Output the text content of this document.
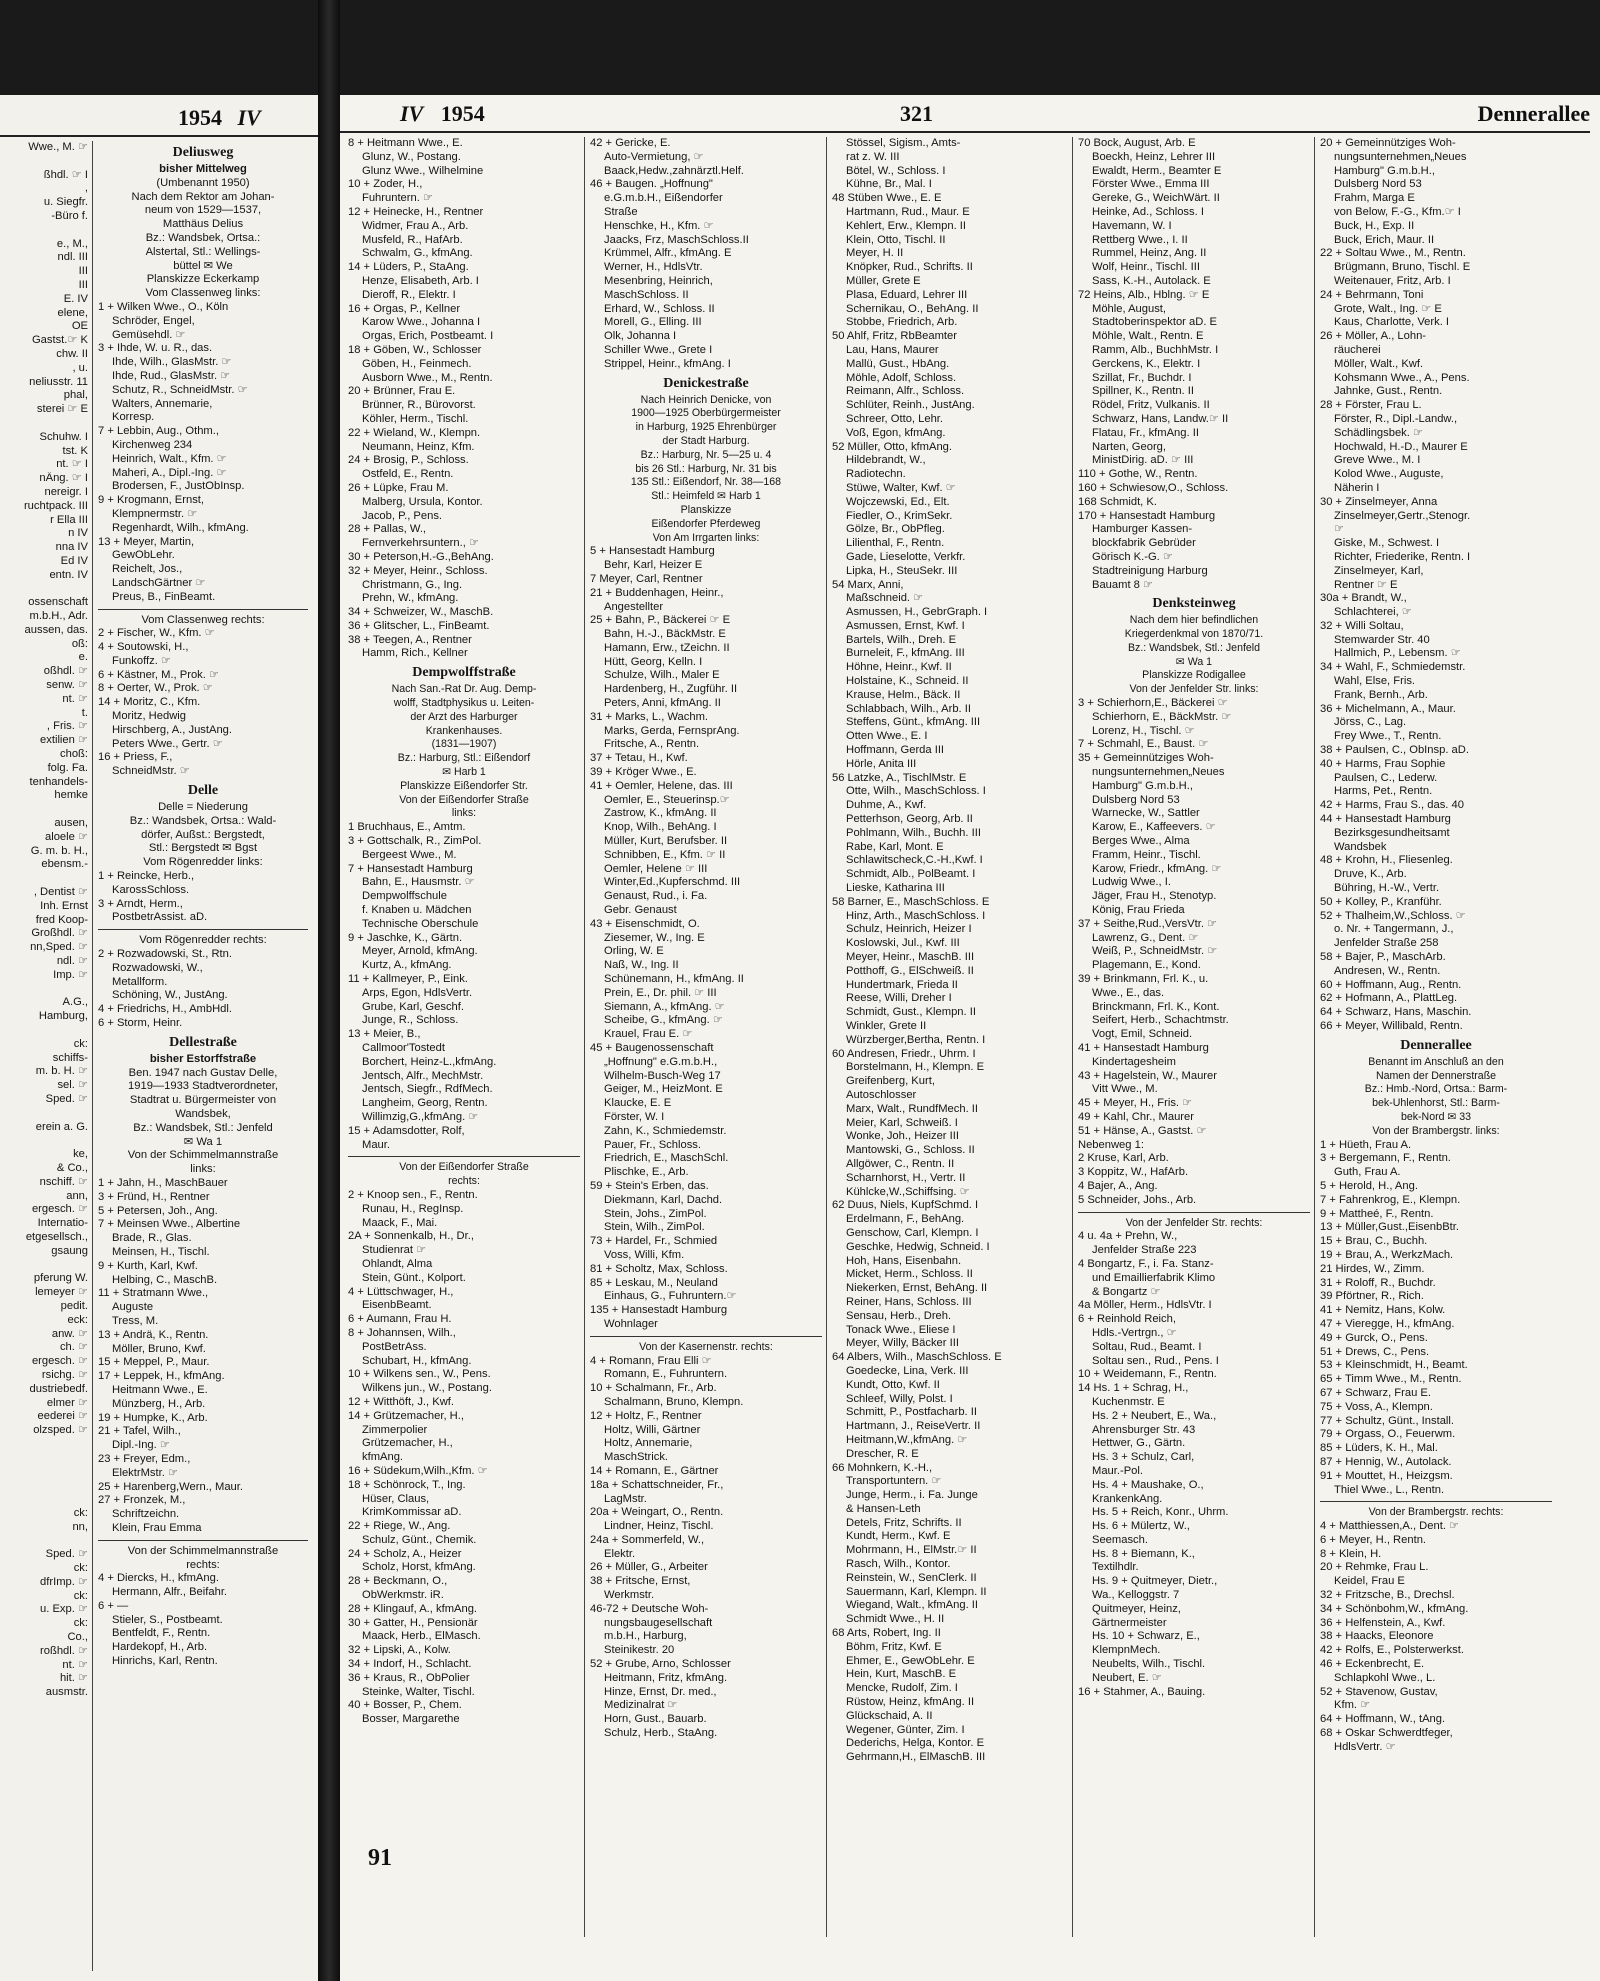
1954 IV
Wwe., M. ☞

ßhdl. ☞ I
,
u. Siegfr.
-Büro f.

e., M.,
ndl. III
III
III
E. IV
elene,
OE
Gastst.☞ K
chw. II
, u.
neliusstr. 11
phal,
sterei ☞ E

Schuhw. I
tst. K
nt. ☞ I
nÄng. ☞ I
nereigr. I
ruchtpack. III
r Ella III
n IV
nna IV
Ed IV
entn. IV

ossenschaft
m.b.H., Adr.
aussen, das.
oß:
e.
oßhdl. ☞
senw. ☞
nt. ☞
t.
, Fris. ☞
extilien ☞
choß:
folg. Fa.
tenhandels-
hemke

ausen,
aloele ☞
G. m. b. H.,
ebensm.-

, Dentist ☞
Inh. Ernst
fred Koop-
Großhdl. ☞
nn,Sped. ☞
ndl. ☞
Imp. ☞

A.G.,
Hamburg,

ck:
schiffs-
m. b. H. ☞
sel. ☞
Sped. ☞

erein a. G.

ke,
& Co.,
nschiff. ☞
ann,
ergesch. ☞
Internatio-
etgesellsch.,
gsaung

pferung W.
lemeyer ☞
pedit.
eck:
anw. ☞
ch. ☞
ergesch. ☞
rsichg. ☞
dustriebedf.
elmer ☞
eederei ☞
olzsped. ☞

ck:
nn,

Sped. ☞
ck:
dfrImp. ☞
ck:
u. Exp. ☞
ck:
Co.,
roßhdl. ☞
nt. ☞
hit. ☞
ausmstr.
Deliusweg
bisher Mittelweg
(Umbenannt 1950)
Nach dem Rektor am Johan-
neum von 1529—1537,
Matthäus Delius
Bz.: Wandsbek, Ortsa.:
Alstertal, Stl.: Wellings-
büttel ✉ We
Planskizze Eckerkamp
Vom Classenweg links:
1 + Wilken Wwe., O., Köln
Schröder, Engel,
Gemüsehdl. ☞
3 + Ihde, W. u. R., das.
Ihde, Wilh., GlasMstr. ☞
Ihde, Rud., GlasMstr. ☞
Schutz, R., SchneidMstr. ☞
Walters, Annemarie,
Korresp.
7 + Lebbin, Aug., Othm.,
Kirchenweg 234
Heinrich, Walt., Kfm. ☞
Maheri, A., Dipl.-Ing. ☞
Brodersen, F., JustObInsp.
9 + Krogmann, Ernst,
Klempnermstr. ☞
Regenhardt, Wilh., kfmAng.
13 + Meyer, Martin,
GewObLehr.
Reichelt, Jos.,
LandschGärtner ☞
Preus, B., FinBeamt.
Vom Classenweg rechts:
2 + Fischer, W., Kfm. ☞
4 + Soutowski, H.,
Funkoffz. ☞
6 + Kästner, M., Prok. ☞
8 + Oerter, W., Prok. ☞
14 + Moritz, C., Kfm.
Moritz, Hedwig
Hirschberg, A., JustAng.
Peters Wwe., Gertr. ☞
16 + Priess, F.,
SchneidMstr. ☞
Delle
Delle = Niederung
Bz.: Wandsbek, Ortsa.: Wald-
dörfer, Außst.: Bergstedt,
Stl.: Bergstedt ✉ Bgst
Vom Rögenredder links:
1 + Reincke, Herb.,
KarossSchloss.
3 + Arndt, Herm.,
PostbetrAssist. aD.
Vom Rögenredder rechts:
2 + Rozwadowski, St., Rtn.
Rozwadowski, W.,
Metallform.
Schöning, W., JustAng.
4 + Friedrichs, H., AmbHdl.
6 + Storm, Heinr.
Dellestraße
bisher Estorffstraße
Ben. 1947 nach Gustav Delle,
1919—1933 Stadtverordneter,
Stadtrat u. Bürgermeister von
Wandsbek,
Bz.: Wandsbek, Stl.: Jenfeld
✉ Wa 1
Von der Schimmelmannstraße
links:
1 + Jahn, H., MaschBauer
3 + Fründ, H., Rentner
5 + Petersen, Joh., Ang.
7 + Meinsen Wwe., Albertine
Brade, R., Glas.
Meinsen, H., Tischl.
9 + Kurth, Karl, Kwf.
Helbing, C., MaschB.
11 + Stratmann Wwe.,
Auguste
Tress, M.
13 + Andrä, K., Rentn.
Möller, Bruno, Kwf.
15 + Meppel, P., Maur.
17 + Leppek, H., kfmAng.
Heitmann Wwe., E.
Münzberg, H., Arb.
19 + Humpke, K., Arb.
21 + Tafel, Wilh.,
Dipl.-Ing. ☞
23 + Freyer, Edm.,
ElektrMstr. ☞
25 + Harenberg,Wern., Maur.
27 + Fronzek, M.,
Schriftzeichn.
Klein, Frau Emma
Von der Schimmelmannstraße
rechts:
4 + Diercks, H., kfmAng.
Hermann, Alfr., Beifahr.
6 + —
Stieler, S., Postbeamt.
Bentfeldt, F., Rentn.
Hardekopf, H., Arb.
Hinrichs, Karl, Rentn.
IV 1954	321	Dennerallee
8 + Heitmann Wwe., E.
Glunz, W., Postang.
Glunz Wwe., Wilhelmine
10 + Zoder, H.,
Fuhruntern. ☞
12 + Heinecke, H., Rentner
Widmer, Frau A., Arb.
Musfeld, R., HafArb.
Schwalm, G., kfmAng.
14 + Lüders, P., StaAng.
Henze, Elisabeth, Arb. I
Dieroff, R., Elektr. I
16 + Orgas, P., Kellner
Karow Wwe., Johanna I
Orgas, Erich, Postbeamt. I
18 + Göben, W., Schlosser
Göben, H., Feinmech.
Ausborn Wwe., M., Rentn.
20 + Brünner, Frau E.
Brünner, R., Bürovorst.
Köhler, Herm., Tischl.
22 + Wieland, W., Klempn.
Neumann, Heinz, Kfm.
24 + Brosig, P., Schloss.
Ostfeld, E., Rentn.
26 + Lüpke, Frau M.
Malberg, Ursula, Kontor.
Jacob, P., Pens.
28 + Pallas, W.,
Fernverkehrsuntern., ☞
30 + Peterson,H.-G.,BehAng.
32 + Meyer, Heinr., Schloss.
Christmann, G., Ing.
Prehn, W., kfmAng.
34 + Schweizer, W., MaschB.
36 + Glitscher, L., FinBeamt.
38 + Teegen, A., Rentner
Hamm, Rich., Kellner
Dempwolffstraße
Nach San.-Rat Dr. Aug. Demp-
wolff, Stadtphysikus u. Leiten-
der Arzt des Harburger
Krankenhauses.
(1831—1907)
Bz.: Harburg, Stl.: Eißendorf
✉ Harb 1
Planskizze Eißendorfer Str.
Von der Eißendorfer Straße
links:
1 Bruchhaus, E., Amtm.
3 + Gottschalk, R., ZimPol.
Bergeest Wwe., M.
7 + Hansestadt Hamburg
Bahn, E., Hausmstr. ☞
Dempwolffschule
f. Knaben u. Mädchen
Technische Oberschule
9 + Jaschke, K., Gärtn.
Meyer, Arnold, kfmAng.
Kurtz, A., kfmAng.
11 + Kallmeyer, P., Eink.
Arps, Egon, HdlsVertr.
Grube, Karl, Geschf.
Junge, R., Schloss.
13 + Meier, B.,
Callmoor'Tostedt
Borchert, Heinz-L.,kfmAng.
Jentsch, Alfr., MechMstr.
Jentsch, Siegfr., RdfMech.
Langheim, Georg, Rentn.
Willimzig,G.,kfmAng. ☞
15 + Adamsdotter, Rolf,
Maur.
Von der Eißendorfer Straße
rechts:
2 + Knoop sen., F., Rentn.
Runau, H., RegInsp.
Maack, F., Mai.
2A + Sonnenkalb, H., Dr.,
Studienrat ☞
Ohlandt, Alma
Stein, Günt., Kolport.
4 + Lüttschwager, H.,
EisenbBeamt.
6 + Aumann, Frau H.
8 + Johannsen, Wilh.,
PostBetrAss.
Schubart, H., kfmAng.
10 + Wilkens sen., W., Pens.
Wilkens jun., W., Postang.
12 + Witthöft, J., Kwf.
14 + Grützemacher, H.,
Zimmerpolier
Grützemacher, H.,
kfmAng.
16 + Südekum,Wilh.,Kfm. ☞
18 + Schönrock, T., Ing.
Hüser, Claus,
KrimKommissar aD.
22 + Riege, W., Ang.
Schulz, Günt., Chemik.
24 + Scholz, A., Heizer
Scholz, Horst, kfmAng.
28 + Beckmann, O.,
ObWerkmstr. iR.
28 + Klingauf, A., kfmAng.
30 + Gatter, H., Pensionär
Maack, Herb., ElMasch.
32 + Lipski, A., Kolw.
34 + Indorf, H., Schlacht.
36 + Kraus, R., ObPolier
Steinke, Walter, Tischl.
40 + Bosser, P., Chem.
Bosser, Margarethe
42 + Gericke, E.
Auto-Vermietung, ☞
Baack,Hedw.,zahnärztl.Helf.
46 + Baugen. „Hoffnung"
e.G.m.b.H., Eißendorfer
Straße
Henschke, H., Kfm. ☞
Jaacks, Frz, MaschSchloss.II
Krümmel, Alfr., kfmAng. E
Werner, H., HdlsVtr.
Mesenbring, Heinrich,
MaschSchloss. II
Erhard, W., Schloss. II
Morell, G., Elling. III
Olk, Johanna I
Schiller Wwe., Grete I
Strippel, Heinr., kfmAng. I
Denickestraße
Nach Heinrich Denicke, von
1900—1925 Oberbürgermeister
in Harburg, 1925 Ehrenbürger
der Stadt Harburg.
Bz.: Harburg, Nr. 5—25 u. 4
bis 26 Stl.: Harburg, Nr. 31 bis
135 Stl.: Eißendorf, Nr. 38—168
Stl.: Heimfeld ✉ Harb 1
Planskizze
Eißendorfer Pferdeweg
Von Am Irrgarten links:
5 + Hansestadt Hamburg
Behr, Karl, Heizer E
7 Meyer, Carl, Rentner
21 + Buddenhagen, Heinr.,
Angestellter
25 + Bahn, P., Bäckerei ☞ E
Bahn, H.-J., BäckMstr. E
Hamann, Erw., tZeichn. II
Hütt, Georg, Kelln. I
Schulze, Wilh., Maler E
Hardenberg, H., Zugführ. II
Peters, Anni, kfmAng. II
31 + Marks, L., Wachm.
Marks, Gerda, FernsprAng.
Fritsche, A., Rentn.
37 + Tetau, H., Kwf.
39 + Kröger Wwe., E.
41 + Oemler, Helene, das. III
Oemler, E., Steuerinsp.☞
Zastrow, K., kfmAng. II
Knop, Wilh., BehAng. I
Müller, Kurt, Berufsber. II
Schnibben, E., Kfm. ☞ II
Oemler, Helene ☞ III
Winter,Ed.,Kupferschmd. III
Genaust, Rud., i. Fa.
Gebr. Genaust
43 + Eisenschmidt, O.
Ziesemer, W., Ing. E
Orling, W. E
Naß, W., Ing. II
Schünemann, H., kfmAng. II
Prein, E., Dr. phil. ☞ III
Siemann, A., kfmAng. ☞
Scheibe, G., kfmAng. ☞
Krauel, Frau E. ☞
45 + Baugenossenschaft
„Hoffnung" e.G.m.b.H.,
Wilhelm-Busch-Weg 17
Geiger, M., HeizMont. E
Klaucke, E. E
Förster, W. I
Zahn, K., Schmiedemstr.
Pauer, Fr., Schloss.
Friedrich, E., MaschSchl.
Plischke, E., Arb.
59 + Stein's Erben, das.
Diekmann, Karl, Dachd.
Stein, Johs., ZimPol.
Stein, Wilh., ZimPol.
73 + Hardel, Fr., Schmied
Voss, Willi, Kfm.
81 + Scholtz, Max, Schloss.
85 + Leskau, M., Neuland
Einhaus, G., Fuhruntern.☞
135 + Hansestadt Hamburg
Wohnlager
Von der Kasernenstr. rechts:
4 + Romann, Frau Elli ☞
Romann, E., Fuhruntern.
10 + Schalmann, Fr., Arb.
Schalmann, Bruno, Klempn.
12 + Holtz, F., Rentner
Holtz, Willi, Gärtner
Holtz, Annemarie,
MaschStrick.
14 + Romann, E., Gärtner
18a + Schattschneider, Fr.,
LagMstr.
20a + Weingart, O., Rentn.
Lindner, Heinz, Tischl.
24a + Sommerfeld, W.,
Elektr.
26 + Müller, G., Arbeiter
38 + Fritsche, Ernst,
Werkmstr.
46-72 + Deutsche Woh-
nungsbaugesellschaft
m.b.H., Harburg,
Steinikestr. 20
52 + Grube, Arno, Schlosser
Heitmann, Fritz, kfmAng.
Hinze, Ernst, Dr. med.,
Medizinalrat ☞
Horn, Gust., Bauarb.
Schulz, Herb., StaAng.
Stössel, Sigism., Amts-
rat z. W. III
Bötel, W., Schloss. I
Kühne, Br., Mal. I
48 Stüben Wwe., E. E
Hartmann, Rud., Maur. E
Kehlert, Erw., Klempn. II
Klein, Otto, Tischl. II
Meyer, H. II
Knöpker, Rud., Schrifts. II
Müller, Grete E
Plasa, Eduard, Lehrer III
Schernikau, O., BehAng. II
Stobbe, Friedrich, Arb.
50 Ahlf, Fritz, RbBeamter
Lau, Hans, Maurer
Mallü, Gust., HbAng.
Möhle, Adolf, Schloss.
Reimann, Alfr., Schloss.
Schlüter, Reinh., JustAng.
Schreer, Otto, Lehr.
Voß, Egon, kfmAng.
52 Müller, Otto, kfmAng.
Hildebrandt, W.,
Radiotechn.
Stüwe, Walter, Kwf. ☞
Wojczewski, Ed., Elt.
Fiedler, O., KrimSekr.
Gölze, Br., ObPfleg.
Lilienthal, F., Rentn.
Gade, Lieselotte, Verkfr.
Lipka, H., SteuSekr. III
54 Marx, Anni,
Maßschneid. ☞
Asmussen, H., GebrGraph. I
Asmussen, Ernst, Kwf. I
Bartels, Wilh., Dreh. E
Burneleit, F., kfmAng. III
Höhne, Heinr., Kwf. II
Holstaine, K., Schneid. II
Krause, Helm., Bäck. II
Schlabbach, Wilh., Arb. II
Steffens, Günt., kfmAng. III
Otten Wwe., E. I
Hoffmann, Gerda III
Hörle, Anita III
56 Latzke, A., TischlMstr. E
Otte, Wilh., MaschSchloss. I
Duhme, A., Kwf.
Petterhson, Georg, Arb. II
Pohlmann, Wilh., Buchh. III
Rabe, Karl, Mont. E
Schlawitscheck,C.-H.,Kwf. I
Schmidt, Alb., PolBeamt. I
Lieske, Katharina III
58 Barner, E., MaschSchloss. E
Hinz, Arth., MaschSchloss. I
Schulz, Heinrich, Heizer I
Koslowski, Jul., Kwf. III
Meyer, Heinr., MaschB. III
Potthoff, G., ElSchweiß. II
Hundertmark, Frieda II
Reese, Willi, Dreher I
Schmidt, Gust., Klempn. II
Winkler, Grete II
Würzberger,Bertha, Rentn. I
60 Andresen, Friedr., Uhrm. I
Borstelmann, H., Klempn. E
Greifenberg, Kurt,
Autoschlosser
Marx, Walt., RundfMech. II
Meier, Karl, Schweiß. I
Wonke, Joh., Heizer III
Mantowski, G., Schloss. II
Allgöwer, C., Rentn. II
Scharnhorst, H., Vertr. II
Kühlcke,W.,Schiffsing. ☞
62 Duus, Niels, KupfSchmd. I
Erdelmann, F., BehAng.
Genschow, Carl, Klempn. I
Geschke, Hedwig, Schneid. I
Hoh, Hans, Eisenbahn.
Micket, Herm., Schloss. II
Niekerken, Ernst, BehAng. II
Reiner, Hans, Schloss. III
Sensau, Herb., Dreh.
Tonack Wwe., Eliese I
Meyer, Willy, Bäcker III
64 Albers, Wilh., MaschSchloss. E
Goedecke, Lina, Verk. III
Kundt, Otto, Kwf. II
Schleef, Willy, Polst. I
Schmitt, P., Postfacharb. II
Hartmann, J., ReiseVertr. II
Heitmann,W.,kfmAng. ☞
Drescher, R. E
66 Mohnkern, K.-H.,
Transportuntern. ☞
Junge, Herm., i. Fa. Junge
& Hansen-Leth
Detels, Fritz, Schrifts. II
Kundt, Herm., Kwf. E
Mohrmann, H., ElMstr.☞ II
Rasch, Wilh., Kontor.
Reinstein, W., SenClerk. II
Sauermann, Karl, Klempn. II
Wiegand, Walt., kfmAng. II
Schmidt Wwe., H. II
68 Arts, Robert, Ing. II
Böhm, Fritz, Kwf. E
Ehmer, E., GewObLehr. E
Hein, Kurt, MaschB. E
Mencke, Rudolf, Zim. I
Rüstow, Heinz, kfmAng. II
Glückschaid, A. II
Wegener, Günter, Zim. I
Dederichs, Helga, Kontor. E
Gehrmann,H., ElMaschB. III
70 Bock, August, Arb. E
Boeckh, Heinz, Lehrer III
Ewaldt, Herm., Beamter E
Förster Wwe., Emma III
Gereke, G., WeichWärt. II
Heinke, Ad., Schloss. I
Havemann, W. I
Rettberg Wwe., I. II
Rummel, Heinz, Ang. II
Wolf, Heinr., Tischl. III
Sass, K.-H., Autolack. E
72 Heins, Alb., Hblng. ☞ E
Möhle, August,
Stadtoberinspektor aD. E
Möhle, Walt., Rentn. E
Ramm, Alb., BuchhMstr. I
Gerckens, K., Elektr. I
Szillat, Fr., Buchdr. I
Spillner, K., Rentn. II
Rödel, Fritz, Vulkanis. II
Schwarz, Hans, Landw.☞ II
Flatau, Fr., kfmAng. II
Narten, Georg,
MinistDirig. aD. ☞ III
110 + Gothe, W., Rentn.
160 + Schwiesow,O., Schloss.
168 Schmidt, K.
170 + Hansestadt Hamburg
Hamburger Kassen-
blockfabrik Gebrüder
Görisch K.-G. ☞
Stadtreinigung Harburg
Bauamt 8 ☞
Denksteinweg
Nach dem hier befindlichen
Kriegerdenkmal von 1870/71.
Bz.: Wandsbek, Stl.: Jenfeld
✉ Wa 1
Planskizze Rodigallee
Von der Jenfelder Str. links:
3 + Schierhorn,E., Bäckerei ☞
Schierhorn, E., BäckMstr. ☞
Lorenz, H., Tischl. ☞
7 + Schmahl, E., Baust. ☞
35 + Gemeinnütziges Woh-
nungsunternehmen„Neues
Hamburg" G.m.b.H.,
Dulsberg Nord 53
Warnecke, W., Sattler
Karow, E., Kaffeevers. ☞
Berges Wwe., Alma
Framm, Heinr., Tischl.
Karow, Friedr., kfmAng. ☞
Ludwig Wwe., I.
Jäger, Frau H., Stenotyp.
König, Frau Frieda
37 + Seithe,Rud.,VersVtr. ☞
Lawrenz, G., Dent. ☞
Weiß, P., SchneidMstr. ☞
Plagemann, E., Kond.
39 + Brinkmann, Frl. K., u.
Wwe., E., das.
Brinckmann, Frl. K., Kont.
Seifert, Herb., Schachtmstr.
Vogt, Emil, Schneid.
41 + Hansestadt Hamburg
Kindertagesheim
43 + Hagelstein, W., Maurer
Vitt Wwe., M.
45 + Meyer, H., Fris. ☞
49 + Kahl, Chr., Maurer
51 + Hänse, A., Gastst. ☞
Nebenweg 1:
2 Kruse, Karl, Arb.
3 Koppitz, W., HafArb.
4 Bajer, A., Ang.
5 Schneider, Johs., Arb.
Von der Jenfelder Str. rechts:
4 u. 4a + Prehn, W.,
Jenfelder Straße 223
4 Bongartz, F., i. Fa. Stanz-
und Emaillierfabrik Klimo
& Bongartz ☞
4a Möller, Herm., HdlsVtr. I
6 + Reinhold Reich,
Hdls.-Vertrgn., ☞
Soltau, Rud., Beamt. I
Soltau sen., Rud., Pens. I
10 + Weidemann, F., Rentn.
14 Hs. 1 + Schrag, H.,
Kuchenmstr. E
Hs. 2 + Neubert, E., Wa.,
Ahrensburger Str. 43
Hettwer, G., Gärtn.
Hs. 3 + Schulz, Carl,
Maur.-Pol.
Hs. 4 + Maushake, O.,
KrankenkAng.
Hs. 5 + Reich, Konr., Uhrm.
Hs. 6 + Mülertz, W.,
Seemasch.
Hs. 8 + Biemann, K.,
Textilhdlr.
Hs. 9 + Quitmeyer, Dietr.,
Wa., Kelloggstr. 7
Quitmeyer, Heinz,
Gärtnermeister
Hs. 10 + Schwarz, E.,
KlempnMech.
Neubelts, Wilh., Tischl.
Neubert, E. ☞
16 + Stahmer, A., Bauing.
20 + Gemeinnütziges Woh-
nungsunternehmen„Neues
Hamburg" G.m.b.H.,
Dulsberg Nord 53
Frahm, Marga E
von Below, F.-G., Kfm.☞ I
Buck, H., Exp. II
Buck, Erich, Maur. II
22 + Soltau Wwe., M., Rentn.
Brügmann, Bruno, Tischl. E
Weitenauer, Fritz, Arb. I
24 + Behrmann, Toni
Grote, Walt., Ing. ☞ E
Kaus, Charlotte, Verk. I
26 + Möller, A., Lohn-
räucherei
Möller, Walt., Kwf.
Kohsmann Wwe., A., Pens.
Jahnke, Gust., Rentn.
28 + Förster, Frau L.
Förster, R., Dipl.-Landw.,
Schädlingsbek. ☞
Hochwald, H.-D., Maurer E
Greve Wwe., M. I
Kolod Wwe., Auguste,
Näherin I
30 + Zinselmeyer, Anna
Zinselmeyer,Gertr.,Stenogr.
☞
Giske, M., Schwest. I
Richter, Friederike, Rentn. I
Zinselmeyer, Karl,
Rentner ☞ E
30a + Brandt, W.,
Schlachterei, ☞
32 + Willi Soltau,
Stemwarder Str. 40
Hallmich, P., Lebensm. ☞
34 + Wahl, F., Schmiedemstr.
Wahl, Else, Fris.
Frank, Bernh., Arb.
36 + Michelmann, A., Maur.
Jörss, C., Lag.
Frey Wwe., T., Rentn.
38 + Paulsen, C., ObInsp. aD.
40 + Harms, Frau Sophie
Paulsen, C., Lederw.
Harms, Pet., Rentn.
42 + Harms, Frau S., das. 40
44 + Hansestadt Hamburg
Bezirksgesundheitsamt
Wandsbek
48 + Krohn, H., Fliesenleg.
Druve, K., Arb.
Bühring, H.-W., Vertr.
50 + Kolley, P., Kranführ.
52 + Thalheim,W.,Schloss. ☞
o. Nr. + Tangermann, J.,
Jenfelder Straße 258
58 + Bajer, P., MaschArb.
Andresen, W., Rentn.
60 + Hoffmann, Aug., Rentn.
62 + Hofmann, A., PlattLeg.
64 + Schwarz, Hans, Maschin.
66 + Meyer, Willibald, Rentn.
Dennerallee
Benannt im Anschluß an den
Namen der Dennerstraße
Bz.: Hmb.-Nord, Ortsa.: Barm-
bek-Uhlenhorst, Stl.: Barm-
bek-Nord ✉ 33
Von der Brambergstr. links:
1 + Hüeth, Frau A.
3 + Bergemann, F., Rentn.
Guth, Frau A.
5 + Herold, H., Ang.
7 + Fahrenkrog, E., Klempn.
9 + Mattheé, F., Rentn.
13 + Müller,Gust.,EisenbBtr.
15 + Brau, C., Buchh.
19 + Brau, A., WerkzMach.
21 Hirdes, W., Zimm.
31 + Roloff, R., Buchdr.
39 Pförtner, R., Rich.
41 + Nemitz, Hans, Kolw.
47 + Vieregge, H., kfmAng.
49 + Gurck, O., Pens.
51 + Drews, C., Pens.
53 + Kleinschmidt, H., Beamt.
65 + Timm Wwe., M., Rentn.
67 + Schwarz, Frau E.
75 + Voss, A., Klempn.
77 + Schultz, Günt., Install.
79 + Orgass, O., Feuerwm.
85 + Lüders, K. H., Mal.
87 + Hennig, W., Autolack.
91 + Mouttet, H., Heizgsm.
Thiel Wwe., L., Rentn.
Von der Brambergstr. rechts:
4 + Matthiessen,A., Dent. ☞
6 + Meyer, H., Rentn.
8 + Klein, H.
20 + Rehmke, Frau L.
Keidel, Frau E
32 + Fritzsche, B., Drechsl.
34 + Schönbohm,W., kfmAng.
36 + Helfenstein, A., Kwf.
38 + Haacks, Eleonore
42 + Rolfs, E., Polsterwerkst.
46 + Eckenbrecht, E.
Schlapkohl Wwe., L.
52 + Stavenow, Gustav,
Kfm. ☞
64 + Hoffmann, W., tAng.
68 + Oskar Schwerdtfeger,
HdlsVertr. ☞
91
